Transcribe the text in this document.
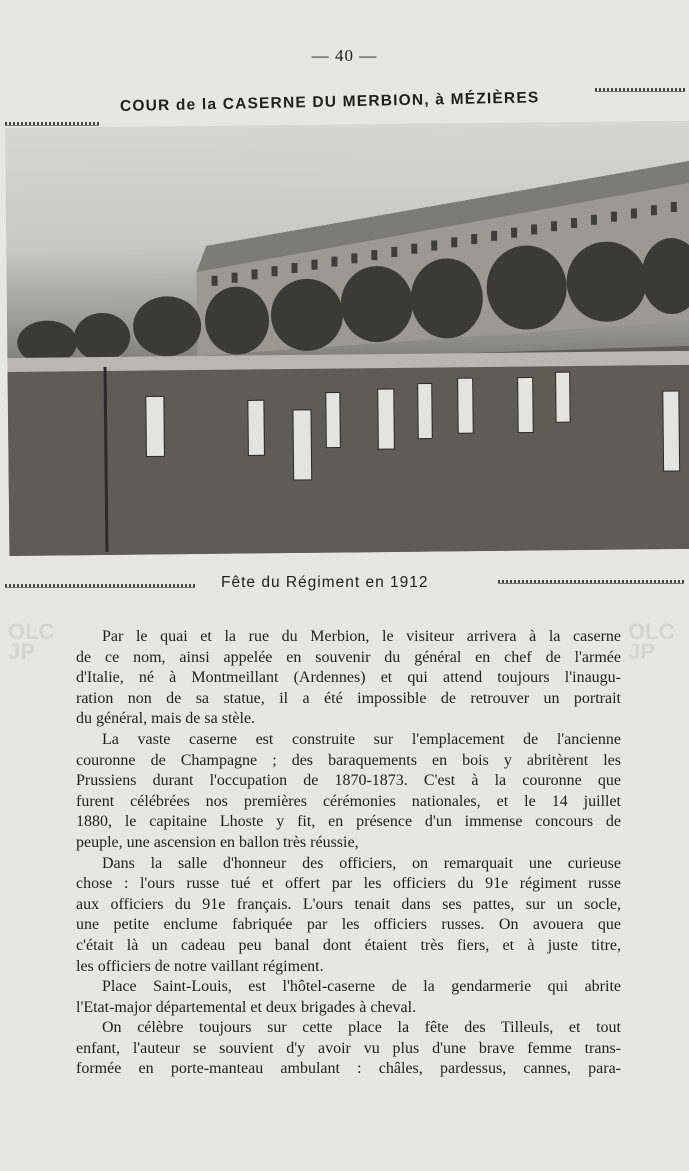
— 40 —
COUR de la CASERNE DU MERBION, à MÉZIÈRES
Fête du Régiment en 1912
OLC JP
OLC JP

Par le quai et la rue du Merbion, le visiteur arrivera à la caserne
de ce nom, ainsi appelée en souvenir du général en chef de l'armée
d'Italie, né à Montmeillant (Ardennes) et qui attend toujours l'inaugu-
ration non de sa statue, il a été impossible de retrouver un portrait
du général, mais de sa stèle.

La vaste caserne est construite sur l'emplacement de l'ancienne
couronne de Champagne ; des baraquements en bois y abritèrent les
Prussiens durant l'occupation de 1870-1873. C'est à la couronne que
furent célébrées nos premières cérémonies nationales, et le 14 juillet
1880, le capitaine Lhoste y fit, en présence d'un immense concours de
peuple, une ascension en ballon très réussie,

Dans la salle d'honneur des officiers, on remarquait une curieuse
chose : l'ours russe tué et offert par les officiers du 91e régiment russe
aux officiers du 91e français. L'ours tenait dans ses pattes, sur un socle,
une petite enclume fabriquée par les officiers russes. On avouera que
c'était là un cadeau peu banal dont étaient très fiers, et à juste titre,
les officiers de notre vaillant régiment.

Place Saint-Louis, est l'hôtel-caserne de la gendarmerie qui abrite
l'Etat-major départemental et deux brigades à cheval.

On célèbre toujours sur cette place la fête des Tilleuls, et tout
enfant, l'auteur se souvient d'y avoir vu plus d'une brave femme trans-
formée en porte-manteau ambulant : châles, pardessus, cannes, para-
